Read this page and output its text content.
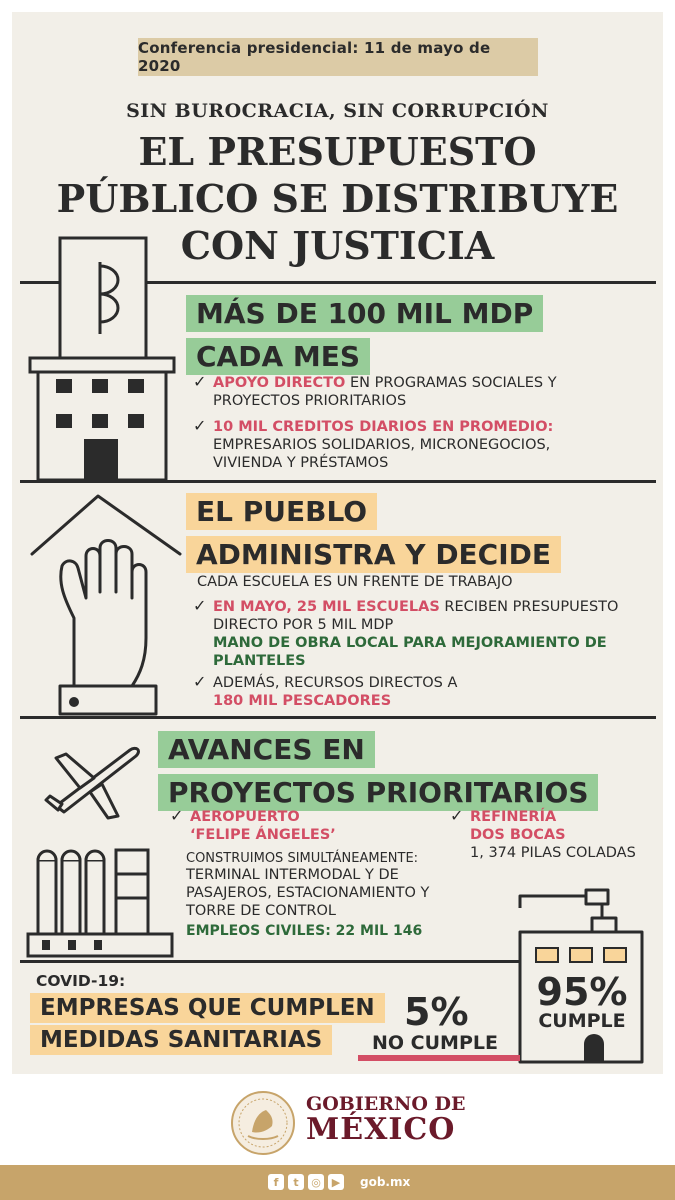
Conferencia presidencial: 11 de mayo de 2020
SIN BUROCRACIA, SIN CORRUPCIÓN
EL PRESUPUESTO
PÚBLICO SE DISTRIBUYE
CON JUSTICIA
MÁS DE 100 MIL MDP
CADA MES
✓ APOYO DIRECTO EN PROGRAMAS SOCIALES Y PROYECTOS PRIORITARIOS
✓ 10 MIL CREDITOS DIARIOS EN PROMEDIO:
EMPRESARIOS SOLIDARIOS, MICRONEGOCIOS, VIVIENDA Y PRÉSTAMOS
EL PUEBLO
ADMINISTRA Y DECIDE
CADA ESCUELA ES UN FRENTE DE TRABAJO
✓ EN MAYO, 25 MIL ESCUELAS RECIBEN PRESUPUESTO DIRECTO POR 5 MIL MDP
MANO DE OBRA LOCAL PARA MEJORAMIENTO DE PLANTELES
✓ ADEMÁS, RECURSOS DIRECTOS A
180 MIL PESCADORES
AVANCES EN
PROYECTOS PRIORITARIOS
✓ AEROPUERTO
‘FELIPE ÁNGELES’
CONSTRUIMOS SIMULTÁNEAMENTE:
TERMINAL INTERMODAL Y DE PASAJEROS, ESTACIONAMIENTO Y TORRE DE CONTROL
EMPLEOS CIVILES: 22 MIL 146
✓ REFINERÍA
DOS BOCAS
1, 374 PILAS COLADAS
COVID-19:
EMPRESAS QUE CUMPLEN
MEDIDAS SANITARIAS
5%
NO CUMPLE
95%
CUMPLE
GOBIERNO DE
MÉXICO
f	t	◎ ▶	gob.mx
